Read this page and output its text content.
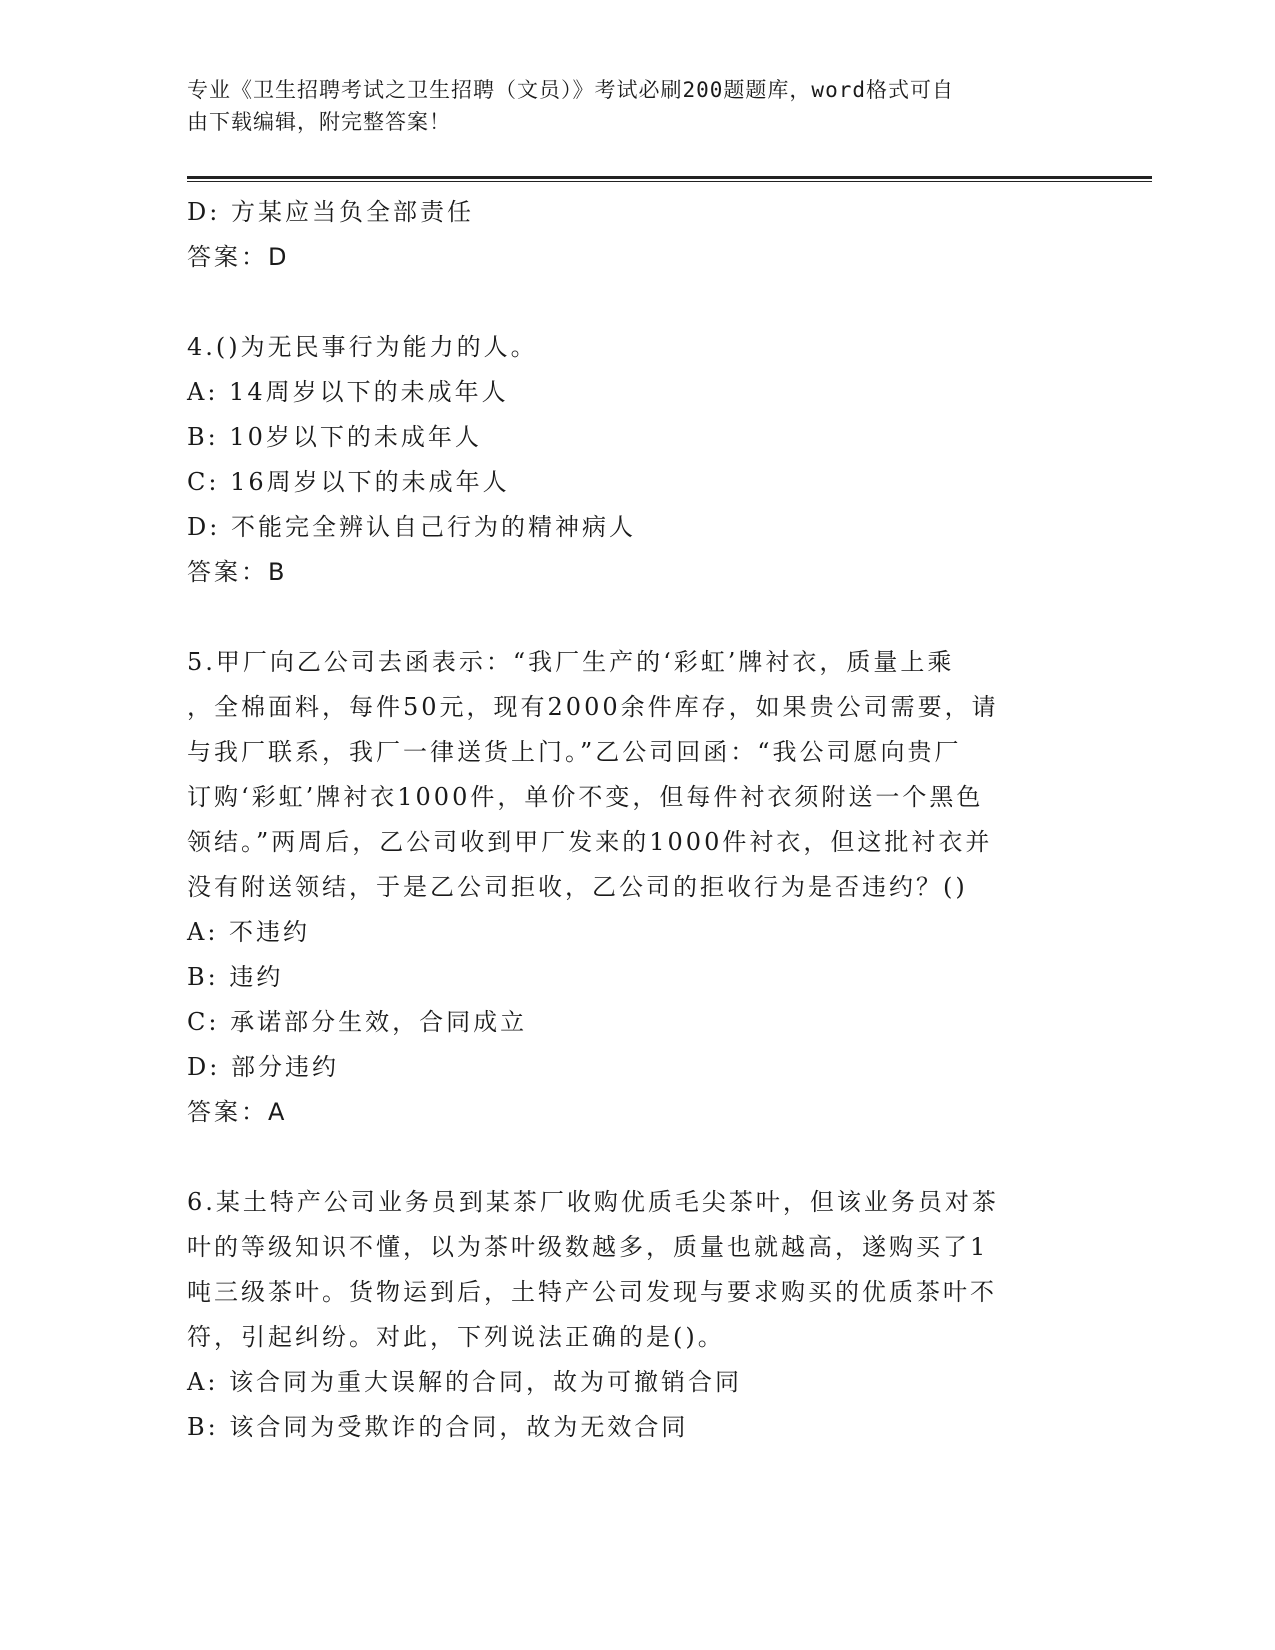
专业《卫生招聘考试之卫生招聘（文员）》考试必刷200题题库，word格式可自
由下载编辑，附完整答案！
D: 方某应当负全部责任
答案：D
4.()为无民事行为能力的人。
A: 14周岁以下的未成年人
B: 10岁以下的未成年人
C: 16周岁以下的未成年人
D: 不能完全辨认自己行为的精神病人
答案：B
5.甲厂向乙公司去函表示：“我厂生产的‘彩虹’牌衬衣，质量上乘
，全棉面料，每件50元，现有2000余件库存，如果贵公司需要，请
与我厂联系，我厂一律送货上门。”乙公司回函：“我公司愿向贵厂
订购‘彩虹’牌衬衣1000件，单价不变，但每件衬衣须附送一个黑色
领结。”两周后，乙公司收到甲厂发来的1000件衬衣，但这批衬衣并
没有附送领结，于是乙公司拒收，乙公司的拒收行为是否违约？()
A: 不违约
B: 违约
C: 承诺部分生效，合同成立
D: 部分违约
答案：A
6.某土特产公司业务员到某茶厂收购优质毛尖茶叶，但该业务员对茶
叶的等级知识不懂，以为茶叶级数越多，质量也就越高，遂购买了1
吨三级茶叶。货物运到后，土特产公司发现与要求购买的优质茶叶不
符，引起纠纷。对此，下列说法正确的是()。
A: 该合同为重大误解的合同，故为可撤销合同
B: 该合同为受欺诈的合同，故为无效合同
